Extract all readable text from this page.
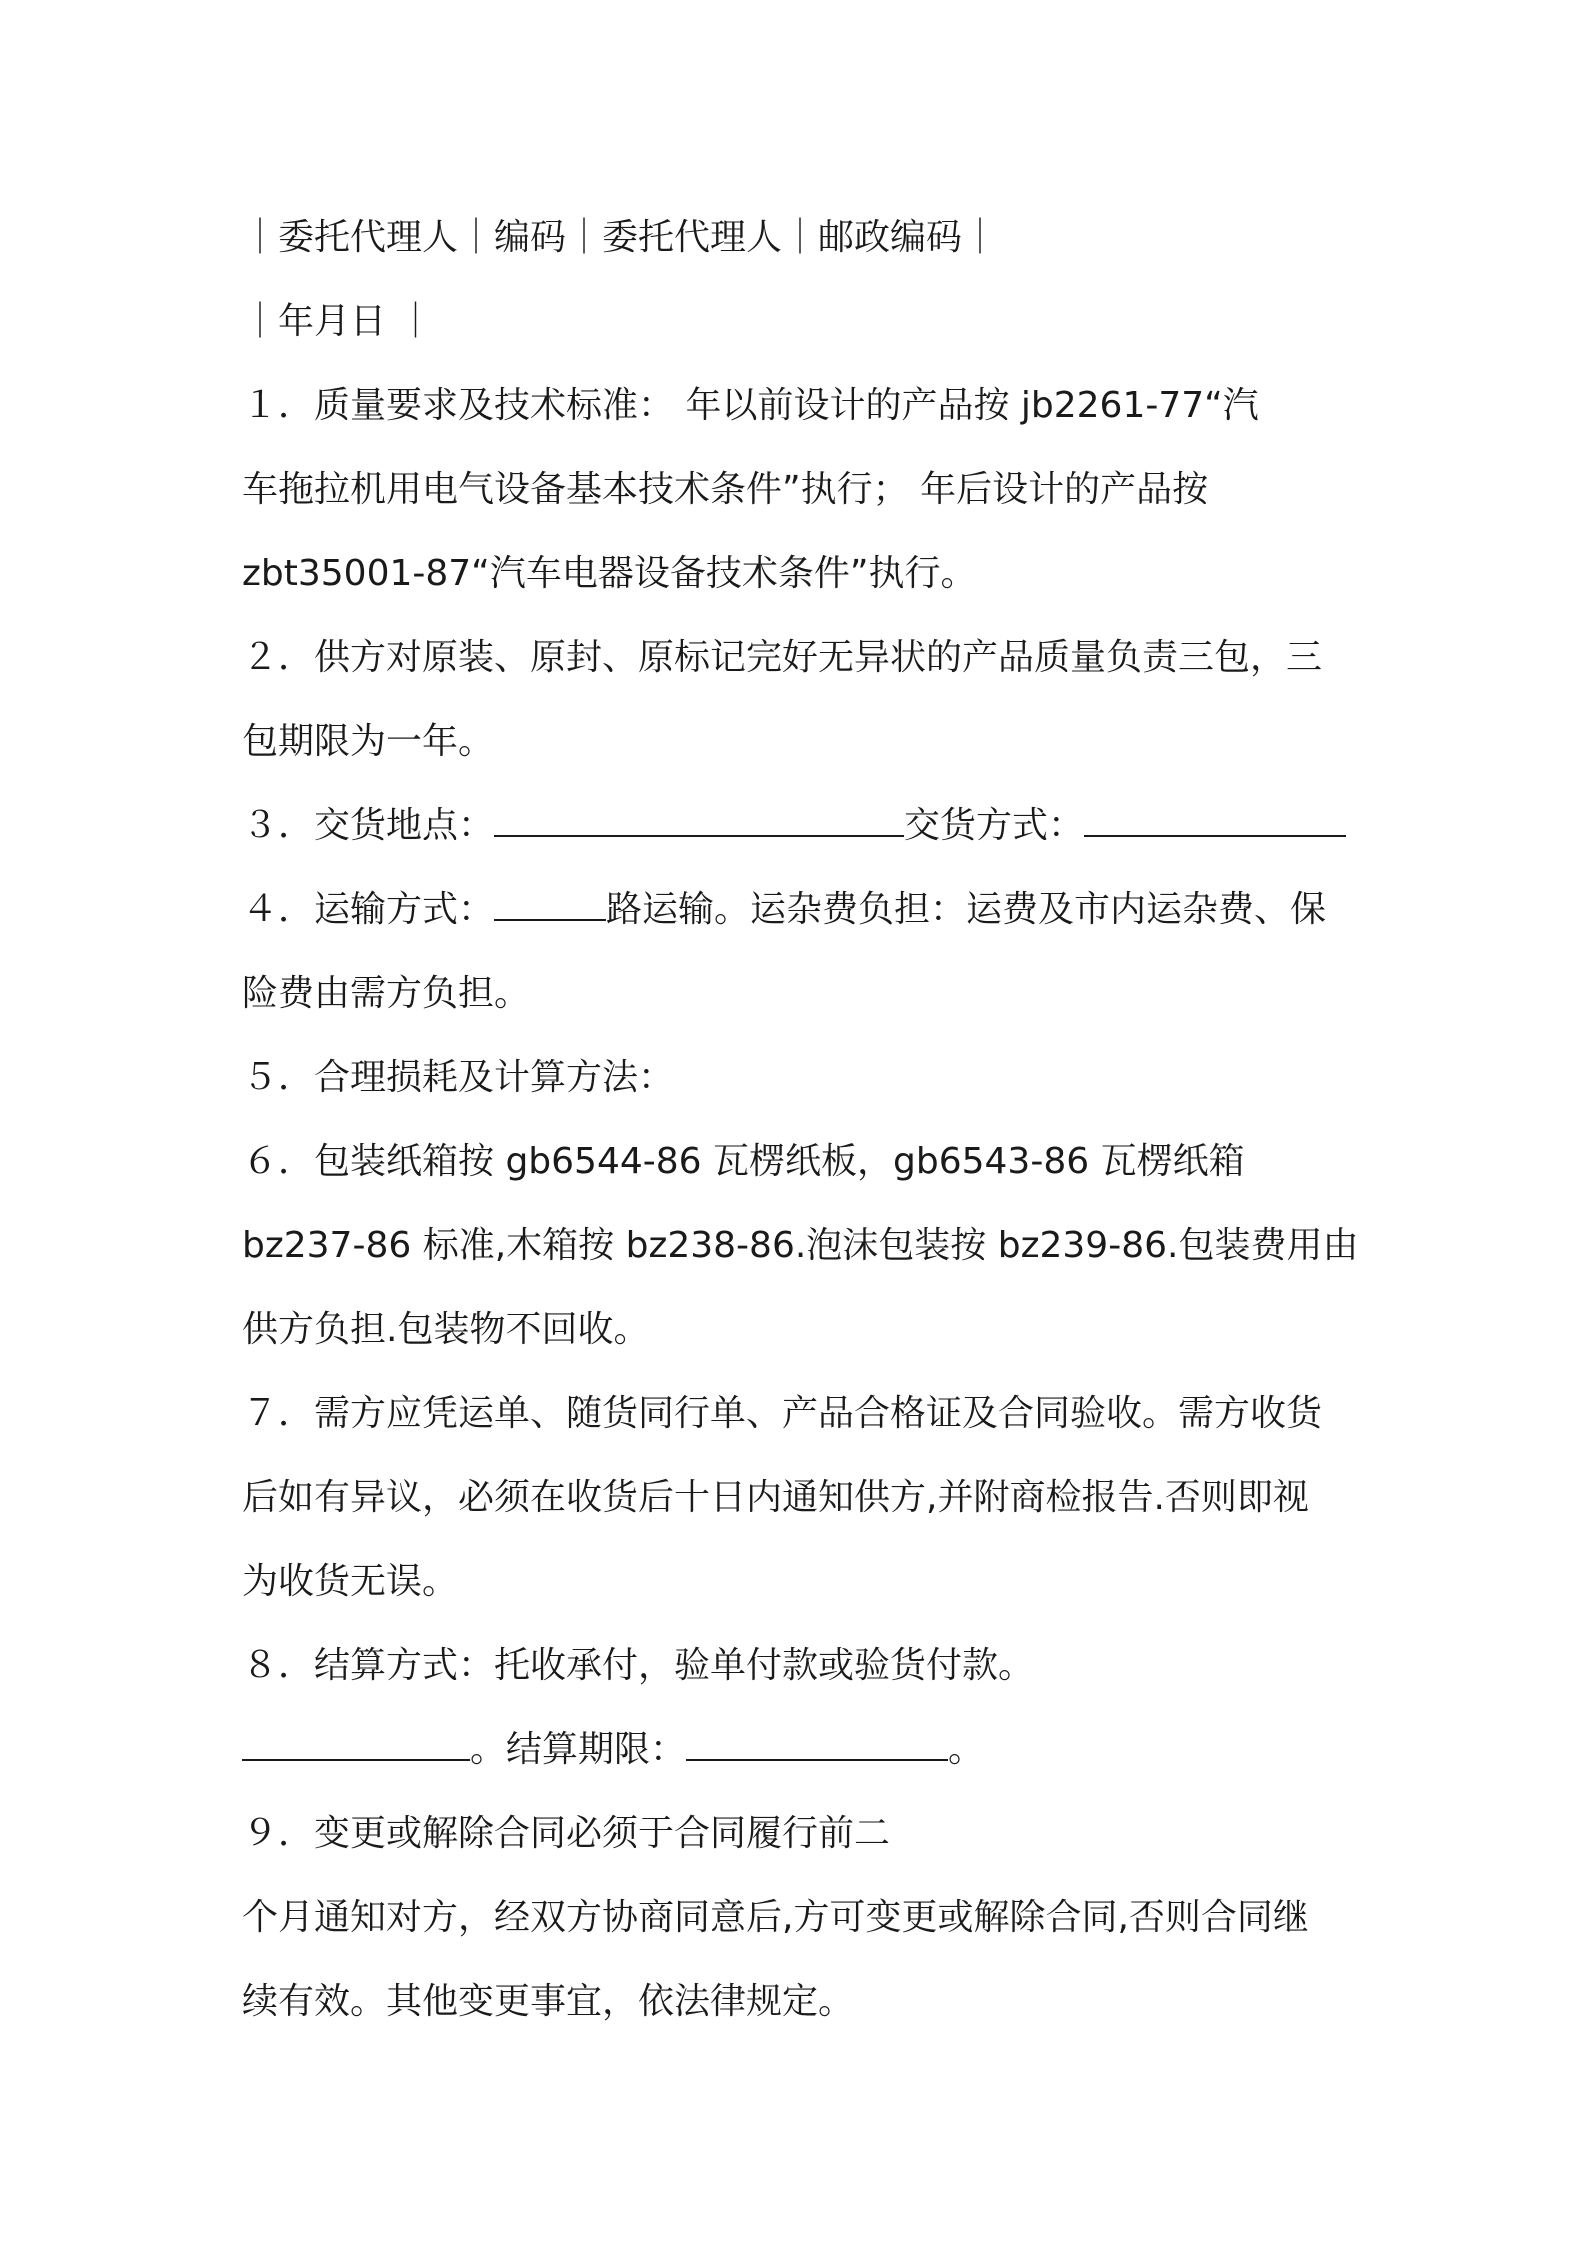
｜委托代理人｜编码｜委托代理人｜邮政编码｜
｜年月日 ｜
１．质量要求及技术标准： 年以前设计的产品按 jb2261-77“汽
车拖拉机用电气设备基本技术条件”执行； 年后设计的产品按
zbt35001-87“汽车电器设备技术条件”执行。
２．供方对原装、原封、原标记完好无异状的产品质量负责三包，三
包期限为一年。
３．交货地点：	交货方式：
４．运输方式：	路运输。运杂费负担：运费及市内运杂费、保
险费由需方负担。
５．合理损耗及计算方法：
６．包装纸箱按 gb6544-86 瓦楞纸板，gb6543-86 瓦楞纸箱
bz237-86 标准,木箱按 bz238-86.泡沫包装按 bz239-86.包装费用由
供方负担.包装物不回收。
７．需方应凭运单、随货同行单、产品合格证及合同验收。需方收货
后如有异议，必须在收货后十日内通知供方,并附商检报告.否则即视
为收货无误。
８．结算方式：托收承付，验单付款或验货付款。
。结算期限：	。
９．变更或解除合同必须于合同履行前二
个月通知对方，经双方协商同意后,方可变更或解除合同,否则合同继
续有效。其他变更事宜，依法律规定。
